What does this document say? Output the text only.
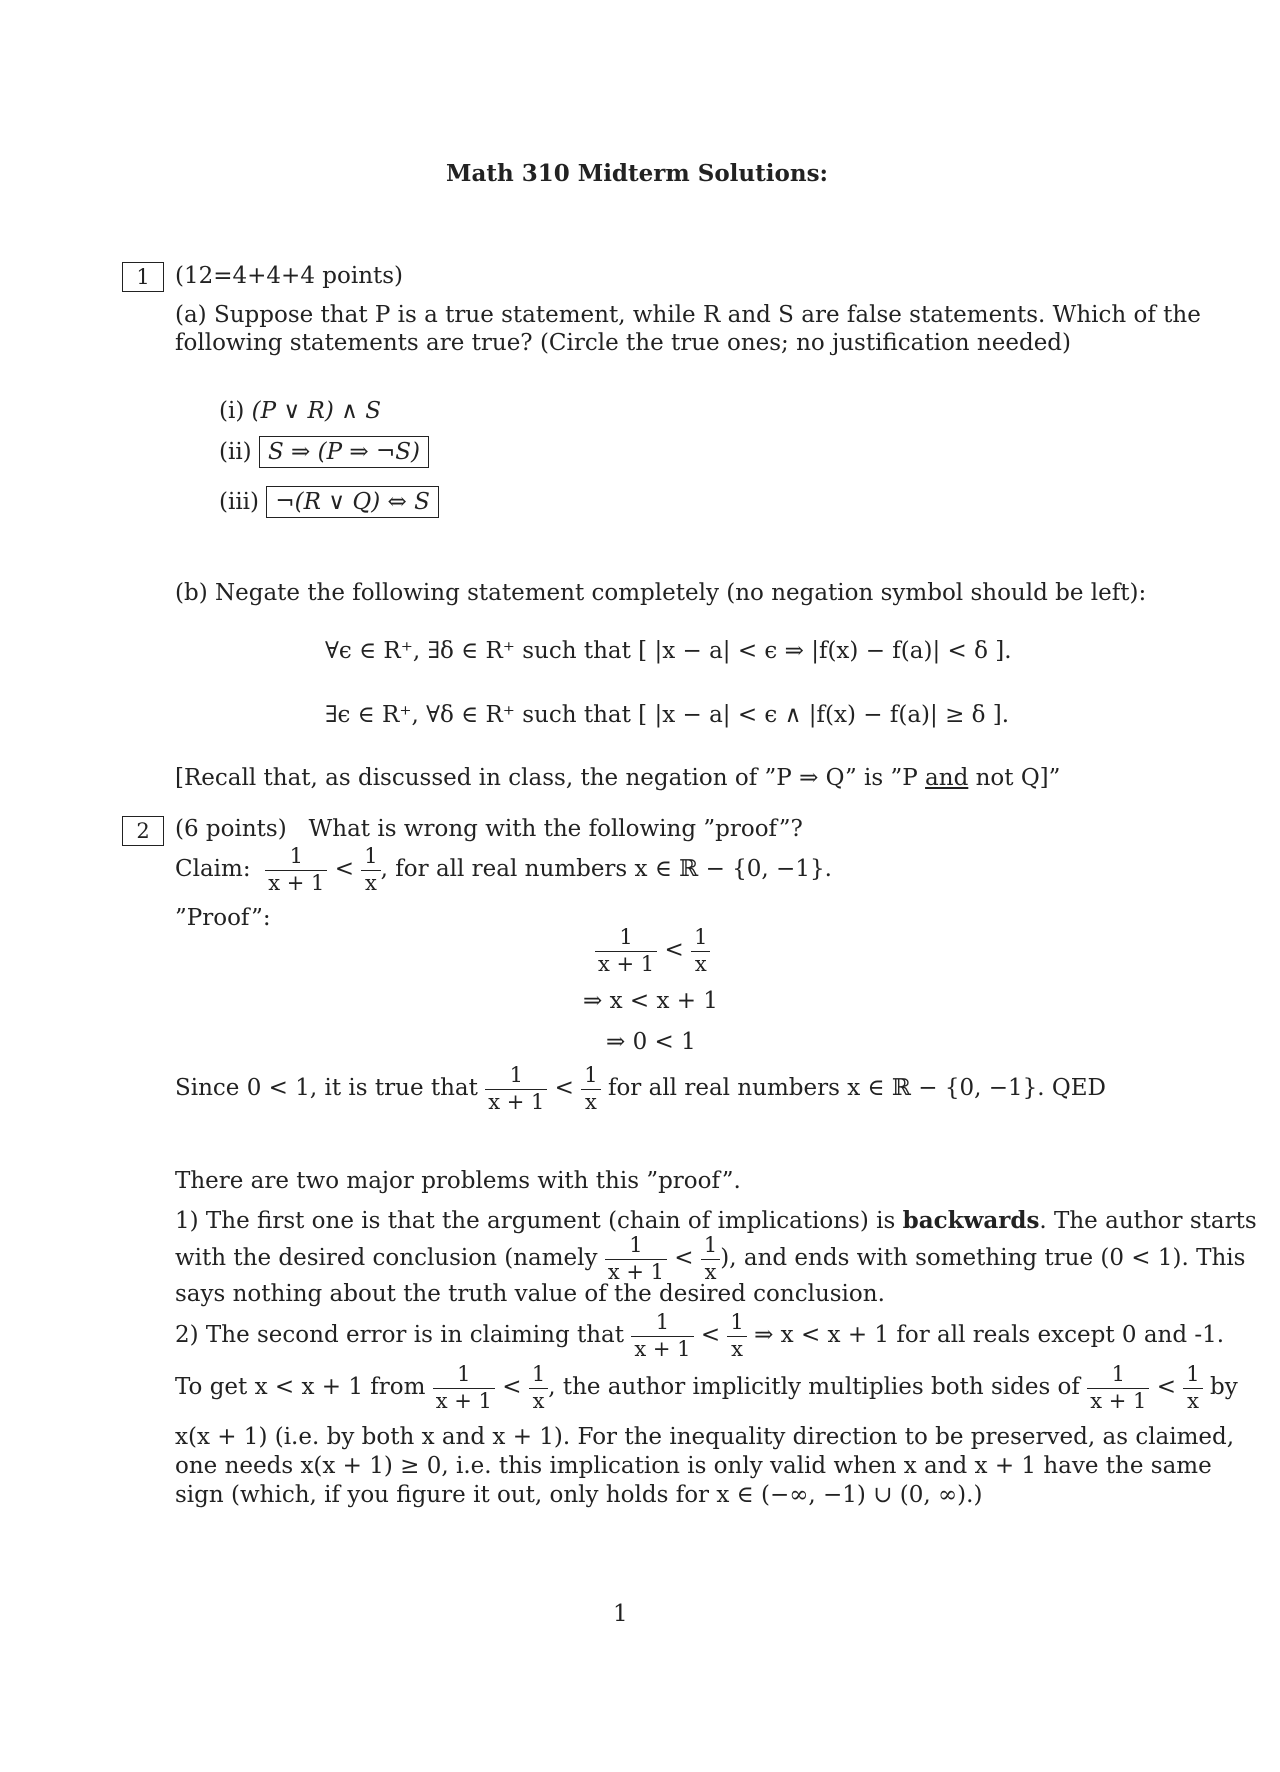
Math 310 Midterm Solutions:
1	(12=4+4+4 points)
(a) Suppose that P is a true statement, while R and S are false statements. Which of the
following statements are true? (Circle the true ones; no justification needed)
(i) (P ∨ R) ∧ S
(ii) S ⇒ (P ⇒ ¬S)
(iii) ¬(R ∨ Q) ⇔ S
(b) Negate the following statement completely (no negation symbol should be left):
∀ϵ ∈ R⁺, ∃δ ∈ R⁺ such that [ |x − a| < ϵ ⇒ |f(x) − f(a)| < δ ].
∃ϵ ∈ R⁺, ∀δ ∈ R⁺ such that [ |x − a| < ϵ ∧ |f(x) − f(a)| ≥ δ ].
[Recall that, as discussed in class, the negation of ”P ⇒ Q” is ”P and not Q]”
2	(6 points) What is wrong with the following ”proof”?
Claim: $\frac{1}{x + 1} < \frac{1}{x}$ , for all real numbers x ∈ ℝ − {0, −1}.
”Proof”:
$\frac{1}{x + 1} < \frac{1}{x}$
⇒ x < x + 1
⇒ 0 < 1
Since 0 < 1, it is true that $\frac{1}{x + 1} < \frac{1}{x}$ for all real numbers x ∈ ℝ − {0, −1}. QED
There are two major problems with this ”proof”.
1) The first one is that the argument (chain of implications) is backwards. The author starts
with the desired conclusion (namely $\frac{1}{x + 1} < \frac{1}{x}$ ), and ends with something true (0 < 1). This
says nothing about the truth value of the desired conclusion.
2) The second error is in claiming that $\frac{1}{x + 1} < \frac{1}{x}$ ⇒ x < x + 1 for all reals except 0 and -1.
To get x < x + 1 from $\frac{1}{x + 1} < \frac{1}{x}$ , the author implicitly multiplies both sides of $\frac{1}{x + 1} < \frac{1}{x}$ by
x(x + 1) (i.e. by both x and x + 1). For the inequality direction to be preserved, as claimed,
one needs x(x + 1) ≥ 0, i.e. this implication is only valid when x and x + 1 have the same
sign (which, if you figure it out, only holds for x ∈ (−∞, −1) ∪ (0, ∞).)
1
